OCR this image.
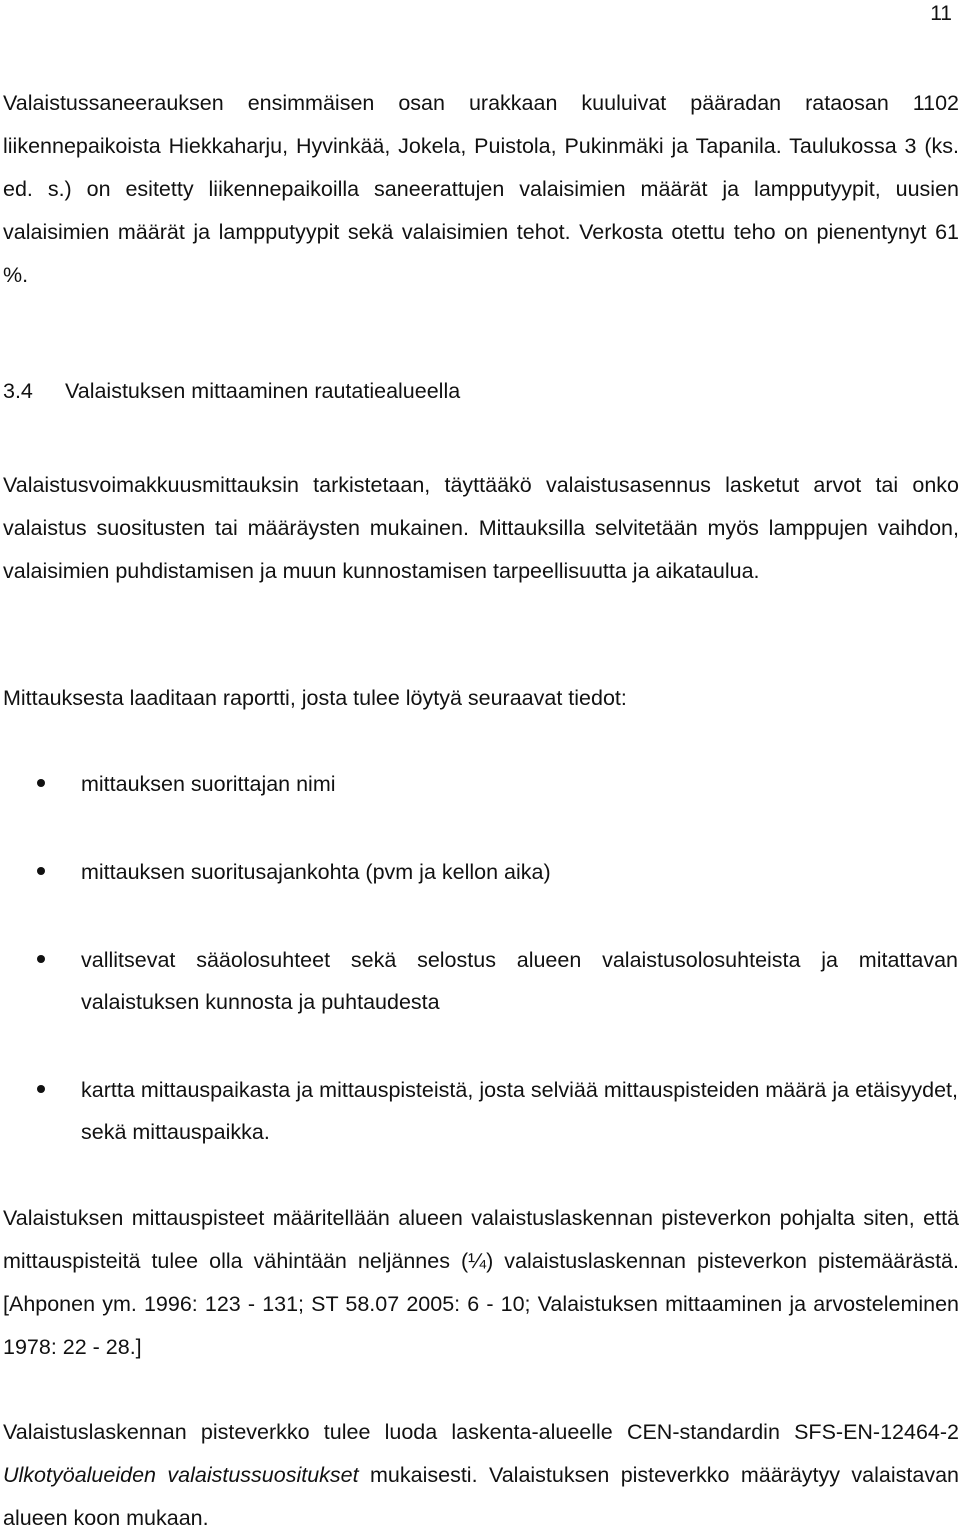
11

Valaistussaneerauksen ensimmäisen osan urakkaan kuuluivat pääradan rataosan 1102 liikennepaikoista Hiekkaharju, Hyvinkää, Jokela, Puistola, Pukinmäki ja Tapanila. Taulukossa 3 (ks. ed. s.) on esitetty liikennepaikoilla saneerattujen valaisimien määrät ja lampputyypit, uusien valaisimien määrät ja lampputyypit sekä valaisimien tehot. Verkosta otettu teho on pienentynyt 61 %.

3.4 Valaistuksen mittaaminen rautatiealueella

Valaistusvoimakkuusmittauksin tarkistetaan, täyttääkö valaistusasennus lasketut arvot tai onko valaistus suositusten tai määräysten mukainen. Mittauksilla selvitetään myös lamppujen vaihdon, valaisimien puhdistamisen ja muun kunnostamisen tarpeellisuutta ja aikataulua.

Mittauksesta laaditaan raportti, josta tulee löytyä seuraavat tiedot:

mittauksen suorittajan nimi
mittauksen suoritusajankohta (pvm ja kellon aika)
vallitsevat sääolosuhteet sekä selostus alueen valaistusolosuhteista ja mitattavan valaistuksen kunnosta ja puhtaudesta
kartta mittauspaikasta ja mittauspisteistä, josta selviää mittauspisteiden määrä ja etäisyydet, sekä mittauspaikka.

Valaistuksen mittauspisteet määritellään alueen valaistuslaskennan pisteverkon pohjalta siten, että mittauspisteitä tulee olla vähintään neljännes (¼) valaistuslaskennan pisteverkon pistemäärästä. [Ahponen ym. 1996: 123 - 131; ST 58.07 2005: 6 - 10; Valaistuksen mittaaminen ja arvosteleminen 1978: 22 - 28.]

Valaistuslaskennan pisteverkko tulee luoda laskenta-alueelle CEN-standardin SFS-EN-12464-2 Ulkotyöalueiden valaistussuositukset mukaisesti. Valaistuksen pisteverkko määräytyy valaistavan alueen koon mukaan.
